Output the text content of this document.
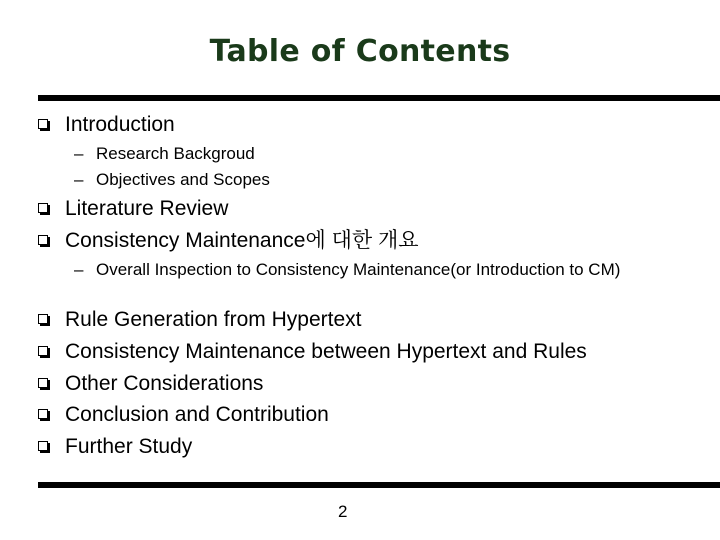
Table of Contents
Introduction
– Research Backgroud
– Objectives and Scopes
Literature Review
Consistency Maintenance에 대한 개요
– Overall Inspection to Consistency Maintenance(or Introduction to CM)
Rule Generation from Hypertext
Consistency Maintenance between Hypertext and Rules
Other Considerations
Conclusion and Contribution
Further Study
2
